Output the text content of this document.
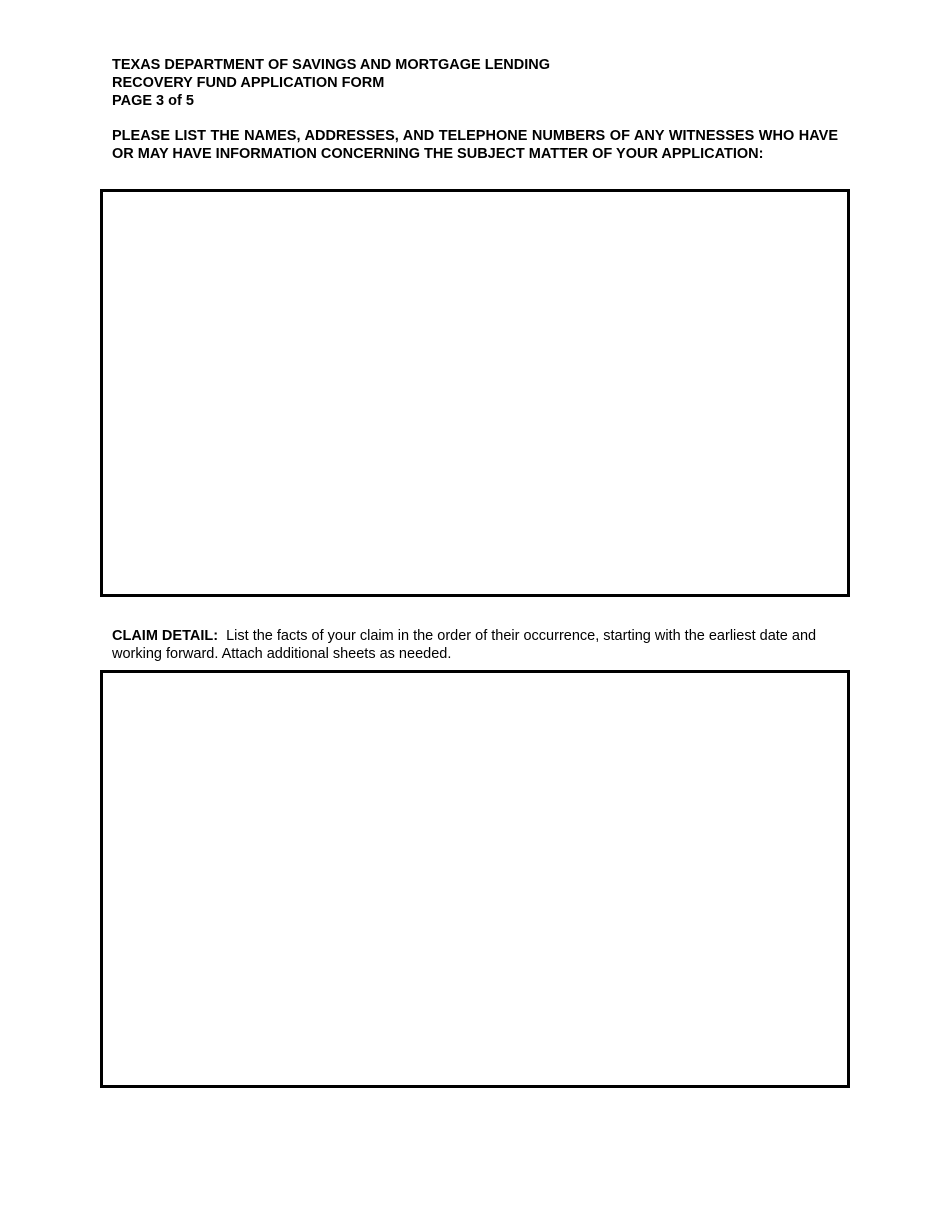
TEXAS DEPARTMENT OF SAVINGS AND MORTGAGE LENDING
RECOVERY FUND APPLICATION FORM
PAGE 3 of 5
PLEASE LIST THE NAMES, ADDRESSES, AND TELEPHONE NUMBERS OF ANY WITNESSES WHO HAVE OR MAY HAVE INFORMATION CONCERNING THE SUBJECT MATTER OF YOUR APPLICATION:
CLAIM DETAIL: List the facts of your claim in the order of their occurrence, starting with the earliest date and working forward. Attach additional sheets as needed.
